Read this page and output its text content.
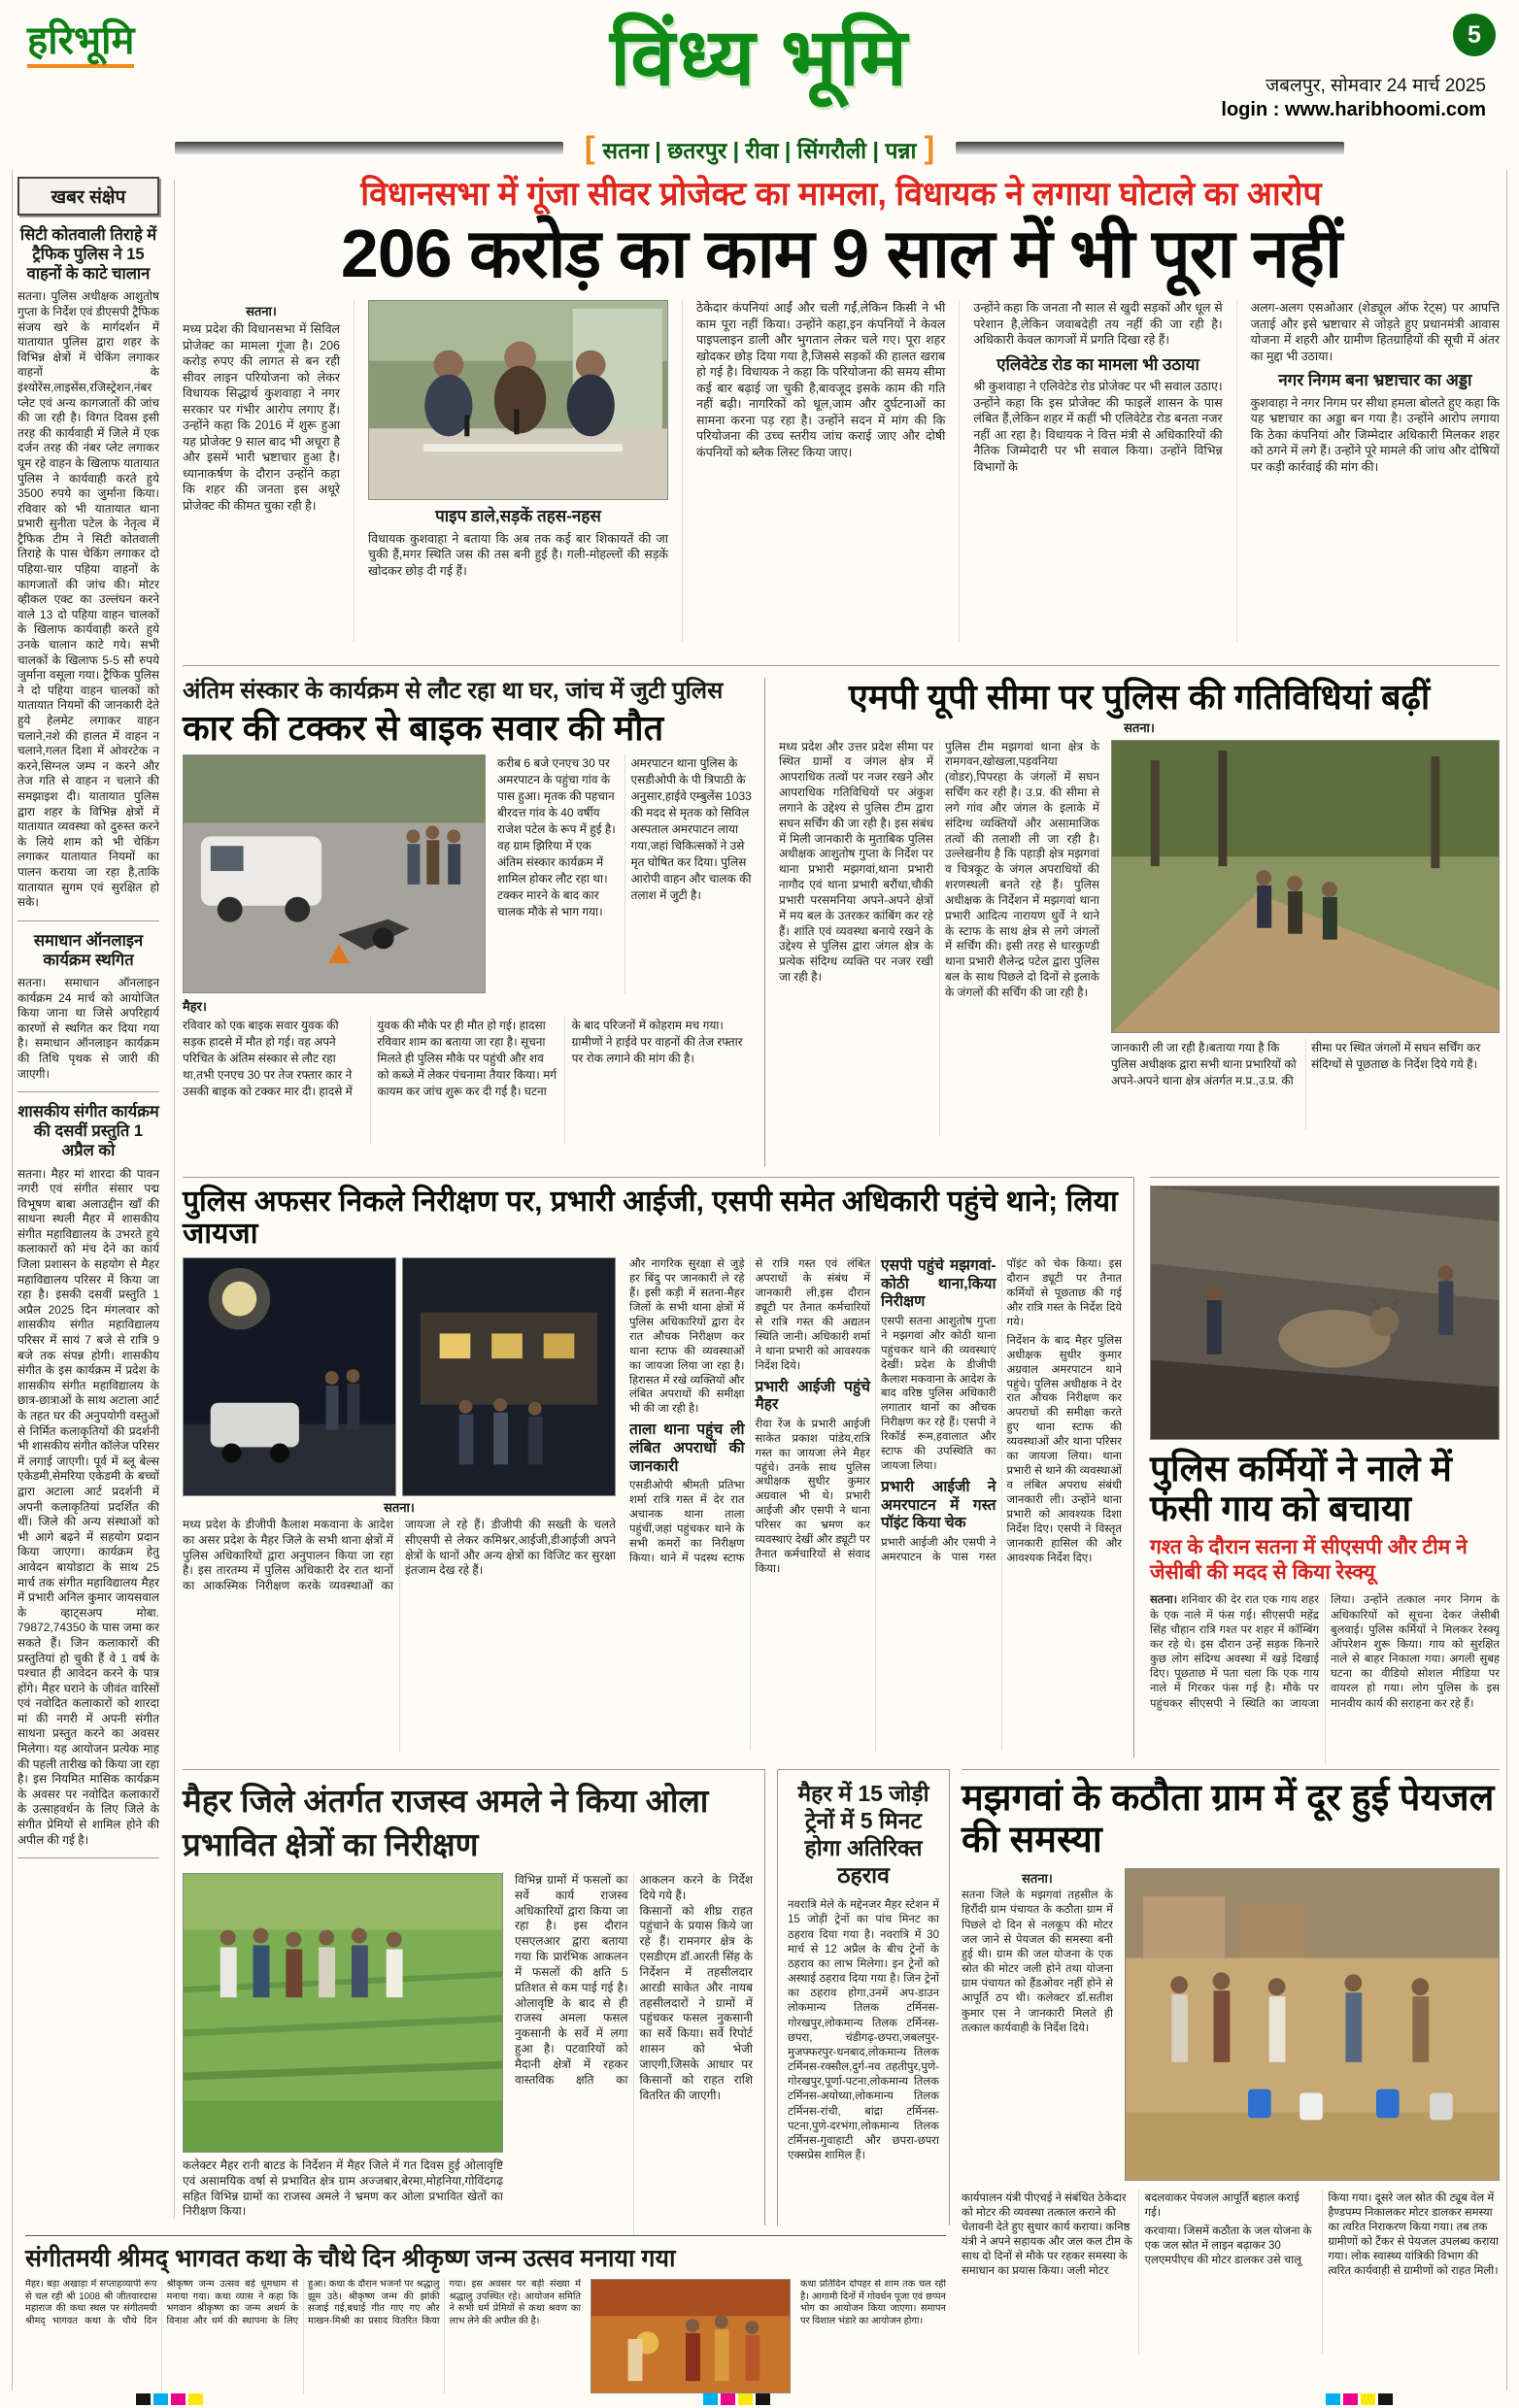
हरिभूमि	विंध्य भूमि	5
जबलपुर, सोमवार 24 मार्च 2025
login : www.haribhoomi.com
[ सतना | छतरपुर | रीवा | सिंगरौली | पन्ना ]
खबर संक्षेप
सिटी कोतवाली तिराहे में ट्रैफिक पुलिस ने 15 वाहनों के काटे चालान

सतना। पुलिस अधीक्षक आशुतोष गुप्ता के निर्देश एवं डीएसपी ट्रैफिक संजय खरे के मार्गदर्शन में यातायात पुलिस द्वारा शहर के विभिन्न क्षेत्रों में चेकिंग लगाकर वाहनों के इंश्योरेंस,लाइसेंस,रजिस्ट्रेशन,नंबर प्लेट एवं अन्य कागजातों की जांच की जा रही है। विगत दिवस इसी तरह की कार्यवाही में जिले में एक दर्जन तरह की नंबर प्लेट लगाकर घूम रहे वाहन के खिलाफ यातायात पुलिस ने कार्यवाही करते हुये 3500 रुपये का जुर्माना किया। रविवार को भी यातायात थाना प्रभारी सुनीता पटेल के नेतृत्व में ट्रैफिक टीम ने सिटी कोतवाली तिराहे के पास चेकिंग लगाकर दो पहिया-चार पहिया वाहनों के कागजातों की जांच की। मोटर व्हीकल एक्ट का उल्लंघन करने वाले 13 दो पहिया वाहन चालकों के खिलाफ कार्यवाही करते हुये उनके चालान काटे गये। सभी चालकों के खिलाफ 5-5 सौ रुपये जुर्माना वसूला गया। ट्रैफिक पुलिस ने दो पहिया वाहन चालकों को यातायात नियमों की जानकारी देते हुये हेलमेट लगाकर वाहन चलाने,नशे की हालत में वाहन न चलाने,गलत दिशा में ओवरटेक न करने,सिग्नल जम्प न करने और तेज गति से वाहन न चलाने की समझाइश दी। यातायात पुलिस द्वारा शहर के विभिन्न क्षेत्रों में यातायात व्यवस्था को दुरुस्त करने के लिये शाम को भी चेकिंग लगाकर यातायात नियमों का पालन कराया जा रहा है,ताकि यातायात सुगम एवं सुरक्षित हो सके।

समाधान ऑनलाइन कार्यक्रम स्थगित

सतना। समाधान ऑनलाइन कार्यक्रम 24 मार्च को आयोजित किया जाना था जिसे अपरिहार्य कारणों से स्थगित कर दिया गया है। समाधान ऑनलाइन कार्यक्रम की तिथि पृथक से जारी की जाएगी।

शासकीय संगीत कार्यक्रम की दसवीं प्रस्तुति 1 अप्रैल को

सतना। मैहर मां शारदा की पावन नगरी एवं संगीत संसार पद्म विभूषण बाबा अलाउद्दीन खाँ की साधना स्थली मैहर में शासकीय संगीत महाविद्यालय के उभरते हुये कलाकारों को मंच देने का कार्य जिला प्रशासन के सहयोग से मैहर महाविद्यालय परिसर में किया जा रहा है। इसकी दसवीं प्रस्तुति 1 अप्रैल 2025 दिन मंगलवार को शासकीय संगीत महाविद्यालय परिसर में सायं 7 बजे से रात्रि 9 बजे तक संपन्न होगी। शासकीय संगीत के इस कार्यक्रम में प्रदेश के शासकीय संगीत महाविद्यालय के छात्र-छात्राओं के साथ अटाला आर्ट के तहत घर की अनुपयोगी वस्तुओं से निर्मित कलाकृतियों की प्रदर्शनी भी शासकीय संगीत कॉलेज परिसर में लगाई जाएगी। पूर्व में ब्लू बेल्स एकेडमी,सेमरिया एकेडमी के बच्चों द्वारा अटाला आर्ट प्रदर्शनी में अपनी कलाकृतियां प्रदर्शित की थीं। जिले की अन्य संस्थाओं को भी आगे बढ़ने में सहयोग प्रदान किया जाएगा। कार्यक्रम हेतु आवेदन बायोडाटा के साथ 25 मार्च तक संगीत महाविद्यालय मैहर में प्रभारी अनिल कुमार जायसवाल के व्हाट्सअप मोबा. 79872,74350 के पास जमा कर सकते हैं। जिन कलाकारों की प्रस्तुतियां हो चुकी हैं वे 1 वर्ष के पश्चात ही आवेदन करने के पात्र होंगे। मैहर घराने के जीवंत वारिसों एवं नवोदित कलाकारों को शारदा मां की नगरी में अपनी संगीत साधना प्रस्तुत करने का अवसर मिलेगा। यह आयोजन प्रत्येक माह की पहली तारीख को किया जा रहा है। इस नियमित मासिक कार्यक्रम के अवसर पर नवोदित कलाकारों के उत्साहवर्धन के लिए जिले के संगीत प्रेमियों से शामिल होने की अपील की गई है।

विधानसभा में गूंजा सीवर प्रोजेक्ट का मामला, विधायक ने लगाया घोटाले का आरोप
206 करोड़ का काम 9 साल में भी पूरा नहीं
सतना।

मध्य प्रदेश की विधानसभा में सिविल प्रोजेक्ट का मामला गूंजा है। 206 करोड़ रुपए की लागत से बन रही सीवर लाइन परियोजना को लेकर विधायक सिद्धार्थ कुशवाहा ने नगर सरकार पर गंभीर आरोप लगाए हैं। उन्होंने कहा कि 2016 में शुरू हुआ यह प्रोजेक्ट 9 साल बाद भी अधूरा है और इसमें भारी भ्रष्टाचार हुआ है। ध्यानाकर्षण के दौरान उन्होंने कहा कि शहर की जनता इस अधूरे प्रोजेक्ट की कीमत चुका रही है।

पाइप डाले,सड़कें तहस-नहस

विधायक कुशवाहा ने बताया कि अब तक कई बार शिकायतें की जा चुकी हैं,मगर स्थिति जस की तस बनी हुई है। गली-मोहल्लों की सड़कें खोदकर छोड़ दी गई हैं।

ठेकेदार कंपनियां आईं और चली गईं,लेकिन किसी ने भी काम पूरा नहीं किया। उन्होंने कहा,इन कंपनियों ने केवल पाइपलाइन डाली और भुगतान लेकर चले गए। पूरा शहर खोदकर छोड़ दिया गया है,जिससे सड़कों की हालत खराब हो गई है। विधायक ने कहा कि परियोजना की समय सीमा कई बार बढ़ाई जा चुकी है,बावजूद इसके काम की गति नहीं बढ़ी। नागरिकों को धूल,जाम और दुर्घटनाओं का सामना करना पड़ रहा है। उन्होंने सदन में मांग की कि परियोजना की उच्च स्तरीय जांच कराई जाए और दोषी कंपनियों को ब्लैक लिस्ट किया जाए।

उन्होंने कहा कि जनता नौ साल से खुदी सड़कों और धूल से परेशान है,लेकिन जवाबदेही तय नहीं की जा रही है। अधिकारी केवल कागजों में प्रगति दिखा रहे हैं।

एलिवेटेड रोड का मामला भी उठाया

श्री कुशवाहा ने एलिवेटेड रोड प्रोजेक्ट पर भी सवाल उठाए। उन्होंने कहा कि इस प्रोजेक्ट की फाइलें शासन के पास लंबित हैं,लेकिन शहर में कहीं भी एलिवेटेड रोड बनता नजर नहीं आ रहा है। विधायक ने वित्त मंत्री से अधिकारियों की नैतिक जिम्मेदारी पर भी सवाल किया। उन्होंने विभिन्न विभागों के

अलग-अलग एसओआर (शेड्यूल ऑफ रेट्स) पर आपत्ति जताई और इसे भ्रष्टाचार से जोड़ते हुए प्रधानमंत्री आवास योजना में शहरी और ग्रामीण हितग्राहियों की सूची में अंतर का मुद्दा भी उठाया।

नगर निगम बना भ्रष्टाचार का अड्डा

कुशवाहा ने नगर निगम पर सीधा हमला बोलते हुए कहा कि यह भ्रष्टाचार का अड्डा बन गया है। उन्होंने आरोप लगाया कि ठेका कंपनियां और जिम्मेदार अधिकारी मिलकर शहर को ठगने में लगे हैं। उन्होंने पूरे मामले की जांच और दोषियों पर कड़ी कार्रवाई की मांग की।

अंतिम संस्कार के कार्यक्रम से लौट रहा था घर, जांच में जुटी पुलिस
कार की टक्कर से बाइक सवार की मौत
करीब 6 बजे एनएच 30 पर अमरपाटन के पहुंचा गांव के पास हुआ। मृतक की पहचान बीरदत्त गांव के 40 वर्षीय राजेश पटेल के रूप में हुई है। वह ग्राम झिरिया में एक अंतिम संस्कार कार्यक्रम में शामिल होकर लौट रहा था। टक्कर मारने के बाद कार चालक मौके से भाग गया। अमरपाटन थाना पुलिस के एसडीओपी के पी त्रिपाठी के अनुसार,हाईवे एम्बुलेंस 1033 की मदद से मृतक को सिविल अस्पताल अमरपाटन लाया गया,जहां चिकित्सकों ने उसे मृत घोषित कर दिया। पुलिस आरोपी वाहन और चालक की तलाश में जुटी है।
मैहर।
रविवार को एक बाइक सवार युवक की सड़क हादसे में मौत हो गई। वह अपने परिचित के अंतिम संस्कार से लौट रहा था,तभी एनएच 30 पर तेज रफ्तार कार ने उसकी बाइक को टक्कर मार दी। हादसे में युवक की मौके पर ही मौत हो गई। हादसा रविवार शाम का बताया जा रहा है। सूचना मिलते ही पुलिस मौके पर पहुंची और शव को कब्जे में लेकर पंचनामा तैयार किया। मर्ग कायम कर जांच शुरू कर दी गई है। घटना के बाद परिजनों में कोहराम मच गया। ग्रामीणों ने हाईवे पर वाहनों की तेज रफ्तार पर रोक लगाने की मांग की है।
एमपी यूपी सीमा पर पुलिस की गतिविधियां बढ़ीं
सतना।

मध्य प्रदेश और उत्तर प्रदेश सीमा पर स्थित ग्रामों व जंगल क्षेत्र में आपराधिक तत्वों पर नजर रखने और आपराधिक गतिविधियों पर अंकुश लगाने के उद्देश्य से पुलिस टीम द्वारा सघन सर्चिंग की जा रही है। इस संबंध में मिली जानकारी के मुताबिक पुलिस अधीक्षक आशुतोष गुप्ता के निर्देश पर थाना प्रभारी मझगवां,थाना प्रभारी नागौद एवं थाना प्रभारी बरौंधा,चौकी प्रभारी परसमनिया अपने-अपने क्षेत्रों में मय बल के उतरकर कांबिंग कर रहे हैं। शांति एवं व्यवस्था बनाये रखने के उद्देश्य से पुलिस द्वारा जंगल क्षेत्र के प्रत्येक संदिग्ध व्यक्ति पर नजर रखी जा रही है।

पुलिस टीम मझगवां थाना क्षेत्र के रामगवन,खोखला,पड़वनिया (वोडर),पिपरहा के जंगलों में सघन सर्चिंग कर रही है। उ.प्र. की सीमा से लगे गांव और जंगल के इलाके में संदिग्ध व्यक्तियों और असामाजिक तत्वों की तलाशी ली जा रही है। उल्लेखनीय है कि पहाड़ी क्षेत्र मझगवां व चित्रकूट के जंगल अपराधियों की शरणस्थली बनते रहे हैं। पुलिस अधीक्षक के निर्देशन में मझगवां थाना प्रभारी आदित्य नारायण धुर्वे ने थाने के स्टाफ के साथ क्षेत्र से लगे जंगलों में सर्चिंग की। इसी तरह से धारकुण्डी थाना प्रभारी शैलेन्द्र पटेल द्वारा पुलिस बल के साथ पिछले दो दिनों से इलाके के जंगलों की सर्चिंग की जा रही है।

जानकारी ली जा रही है।बताया गया है कि पुलिस अधीक्षक द्वारा सभी थाना प्रभारियों को अपने-अपने थाना क्षेत्र अंतर्गत म.प्र.,उ.प्र. की सीमा पर स्थित जंगलों में सघन सर्चिंग कर संदिग्धों से पूछताछ के निर्देश दिये गये हैं।

पुलिस अफसर निकले निरीक्षण पर, प्रभारी आईजी, एसपी समेत अधिकारी पहुंचे थाने; लिया जायजा
सतना।

मध्य प्रदेश के डीजीपी कैलाश मकवाना के आदेश का असर प्रदेश के मैहर जिले के सभी थाना क्षेत्रों में पुलिस अधिकारियों द्वारा अनुपालन किया जा रहा है। इस तारतम्य में पुलिस अधिकारी देर रात थानों का आकस्मिक निरीक्षण करके व्यवस्थाओं का जायजा ले रहे हैं। डीजीपी की सख्ती के चलते सीएसपी से लेकर कमिश्नर,आईजी,डीआईजी अपने क्षेत्रों के थानों और अन्य क्षेत्रों का विजिट कर सुरक्षा इंतजाम देख रहे हैं।

और नागरिक सुरक्षा से जुड़े हर बिंदु पर जानकारी ले रहे हैं। इसी कड़ी में सतना-मैहर जिलों के सभी थाना क्षेत्रों में पुलिस अधिकारियों द्वारा देर रात औचक निरीक्षण कर थाना स्टाफ की व्यवस्थाओं का जायजा लिया जा रहा है। हिरासत में रखे व्यक्तियों और लंबित अपराधों की समीक्षा भी की जा रही है।

ताला थाना पहुंच ली लंबित अपराधों की जानकारी

एसडीओपी श्रीमती प्रतिभा शर्मा रात्रि गस्त में देर रात अचानक थाना ताला पहुंचीं,जहां पहुंचकर थाने के सभी कमरों का निरीक्षण किया। थाने में पदस्थ स्टाफ से रात्रि गस्त एवं लंबित अपराधों के संबंध में जानकारी ली,इस दौरान ड्यूटी पर तैनात कर्मचारियों से रात्रि गस्त की अद्यतन स्थिति जानी। अधिकारी शर्मा ने थाना प्रभारी को आवश्यक निर्देश दिये।

प्रभारी आईजी पहुंचे मैहर

रीवा रेंज के प्रभारी आईजी साकेत प्रकाश पांडेय,रात्रि गस्त का जायजा लेने मैहर पहुंचे। उनके साथ पुलिस अधीक्षक सुधीर कुमार अग्रवाल भी थे। प्रभारी आईजी और एसपी ने थाना परिसर का भ्रमण कर व्यवस्थाएं देखीं और ड्यूटी पर तैनात कर्मचारियों से संवाद किया।

एसपी पहुंचे मझगवां-कोठी थाना,किया निरीक्षण

एसपी सतना आशुतोष गुप्ता ने मझगवां और कोठी थाना पहुंचकर थाने की व्यवस्थाएं देखीं। प्रदेश के डीजीपी कैलाश मकवाना के आदेश के बाद वरिष्ठ पुलिस अधिकारी लगातार थानों का औचक निरीक्षण कर रहे हैं। एसपी ने रिकॉर्ड रूम,हवालात और स्टाफ की उपस्थिति का जायजा लिया।

प्रभारी आईजी ने अमरपाटन में गस्त पॉइंट किया चेक

प्रभारी आईजी और एसपी ने अमरपाटन के पास गस्त पॉइंट को चेक किया। इस दौरान ड्यूटी पर तैनात कर्मियों से पूछताछ की गई और रात्रि गस्त के निर्देश दिये गये।

निर्देशन के बाद मैहर पुलिस अधीक्षक सुधीर कुमार अग्रवाल अमरपाटन थाने पहुंचे। पुलिस अधीक्षक ने देर रात औचक निरीक्षण कर अपराधों की समीक्षा करते हुए थाना स्टाफ की व्यवस्थाओं और थाना परिसर का जायजा लिया। थाना प्रभारी से थाने की व्यवस्थाओं व लंबित अपराध संबंधी जानकारी ली। उन्होंने थाना प्रभारी को आवश्यक दिशा निर्देश दिए। एसपी ने विस्तृत जानकारी हासिल की और आवश्यक निर्देश दिए।

पुलिस कर्मियों ने नाले में फंसी गाय को बचाया
गश्त के दौरान सतना में सीएसपी और टीम ने जेसीबी की मदद से किया रेस्क्यू
सतना। शनिवार की देर रात एक गाय शहर के एक नाले में फंस गई। सीएसपी महेंद्र सिंह चौहान रात्रि गश्त पर शहर में कॉम्बिंग कर रहे थे। इस दौरान उन्हें सड़क किनारे कुछ लोग संदिग्ध अवस्था में खड़े दिखाई दिए। पूछताछ में पता चला कि एक गाय नाले में गिरकर फंस गई है। मौके पर पहुंचकर सीएसपी ने स्थिति का जायजा लिया। उन्होंने तत्काल नगर निगम के अधिकारियों को सूचना देकर जेसीबी बुलवाई। पुलिस कर्मियों ने मिलकर रेस्क्यू ऑपरेशन शुरू किया। गाय को सुरक्षित नाले से बाहर निकाला गया। अगली सुबह घटना का वीडियो सोशल मीडिया पर वायरल हो गया। लोग पुलिस के इस मानवीय कार्य की सराहना कर रहे हैं।
मैहर जिले अंतर्गत राजस्व अमले ने किया ओला प्रभावित क्षेत्रों का निरीक्षण

कलेक्टर मैहर रानी बाटड के निर्देशन में मैहर जिले में गत दिवस हुई ओलावृष्टि एवं असामयिक वर्षा से प्रभावित क्षेत्र ग्राम अज्जबार,बेरमा,मोहनिया,गोविंदगढ़ सहित विभिन्न ग्रामों का राजस्व अमले ने भ्रमण कर ओला प्रभावित खेतों का निरीक्षण किया।

विभिन्न ग्रामों में फसलों का सर्वे कार्य राजस्व अधिकारियों द्वारा किया जा रहा है। इस दौरान एसएलआर द्वारा बताया गया कि प्रारंभिक आकलन में फसलों की क्षति 5 प्रतिशत से कम पाई गई है। ओलावृष्टि के बाद से ही राजस्व अमला फसल नुकसानी के सर्वे में लगा हुआ है। पटवारियों को मैदानी क्षेत्रों में रहकर वास्तविक क्षति का आकलन करने के निर्देश दिये गये हैं।

किसानों को शीघ्र राहत पहुंचाने के प्रयास किये जा रहे हैं। रामनगर क्षेत्र के एसडीएम डॉ.आरती सिंह के निर्देशन में तहसीलदार आरडी साकेत और नायब तहसीलदारों ने ग्रामों में पहुंचकर फसल नुकसानी का सर्वे किया। सर्वे रिपोर्ट शासन को भेजी जाएगी,जिसके आधार पर किसानों को राहत राशि वितरित की जाएगी।

मैहर में 15 जोड़ी ट्रेनों में 5 मिनट होगा अतिरिक्त ठहराव

नवरात्रि मेले के मद्देनजर मैहर स्टेशन में 15 जोड़ी ट्रेनों का पांच मिनट का ठहराव दिया गया है। नवरात्रि में 30 मार्च से 12 अप्रैल के बीच ट्रेनों के ठहराव का लाभ मिलेगा। इन ट्रेनों को अस्थाई ठहराव दिया गया है। जिन ट्रेनों का ठहराव होगा,उनमें अप-डाउन लोकमान्य तिलक टर्मिनस-गोरखपुर,लोकमान्य तिलक टर्मिनस-छपरा, चंडीगढ़-छपरा,जबलपुर-मुजफ्फरपुर-धनबाद,लोकमान्य तिलक टर्मिनस-रक्सौल,दुर्ग-नव तहतीपुर,पुणे-गोरखपुर,पूर्णा-पटना,लोकमान्य तिलक टर्मिनस-अयोध्या,लोकमान्य तिलक टर्मिनस-रांची, बांद्रा टर्मिनस-पटना,पुणे-दरभंगा,लोकमान्य तिलक टर्मिनस-गुवाहाटी और छपरा-छपरा एक्सप्रेस शामिल हैं।

मझगवां के कठौता ग्राम में दूर हुई पेयजल की समस्या
सतना।

सतना जिले के मझगवां तहसील के हिरौंदी ग्राम पंचायत के कठौता ग्राम में पिछले दो दिन से नलकूप की मोटर जल जाने से पेयजल की समस्या बनी हुई थी। ग्राम की जल योजना के एक स्रोत की मोटर जली होने तथा योजना ग्राम पंचायत को हैंडओवर नहीं होने से आपूर्ति ठप थी। कलेक्टर डॉ.सतीश कुमार एस ने जानकारी मिलते ही तत्काल कार्यवाही के निर्देश दिये।

कार्यपालन यंत्री पीएचई ने संबंधित ठेकेदार को मोटर की व्यवस्था तत्काल कराने की चेतावनी देते हुए सुधार कार्य कराया। कनिष्ठ यंत्री ने अपने सहायक और जल कल टीम के साथ दो दिनों से मौके पर रहकर समस्या के समाधान का प्रयास किया। जली मोटर बदलवाकर पेयजल आपूर्ति बहाल कराई गई।

करवाया। जिसमें कठौता के जल योजना के एक जल स्रोत में लाइन बढ़ाकर 30 एलएमपीएच की मोटर डालकर उसे चालू किया गया। दूसरे जल स्रोत की ट्यूब वेल में हैण्डपम्प निकालकर मोटर डालकर समस्या का त्वरित निराकरण किया गया। तब तक ग्रामीणों को टैंकर से पेयजल उपलब्ध कराया गया। लोक स्वास्थ्य यांत्रिकी विभाग की त्वरित कार्यवाही से ग्रामीणों को राहत मिली।

संगीतमयी श्रीमद् भागवत कथा के चौथे दिन श्रीकृष्ण जन्म उत्सव मनाया गया

मैहर। बड़ा अखाड़ा में सप्ताहव्यापी रूप से चल रही श्री 1008 श्री जीतवारदास महाराज की कथा स्थल पर संगीतमयी श्रीमद् भागवत कथा के चौथे दिन श्रीकृष्ण जन्म उत्सव बड़े धूमधाम से मनाया गया। कथा व्यास ने कहा कि भगवान श्रीकृष्ण का जन्म अधर्म के विनाश और धर्म की स्थापना के लिए हुआ। कथा के दौरान भजनों पर श्रद्धालु झूम उठे। श्रीकृष्ण जन्म की झांकी सजाई गई,बधाई गीत गाए गए और माखन-मिश्री का प्रसाद वितरित किया गया। इस अवसर पर बड़ी संख्या में श्रद्धालु उपस्थित रहे। आयोजन समिति ने सभी धर्म प्रेमियों से कथा श्रवण का लाभ लेने की अपील की है।

कथा प्रतिदिन दोपहर से शाम तक चल रही है। आगामी दिनों में गोवर्धन पूजा एवं छप्पन भोग का आयोजन किया जाएगा। समापन पर विशाल भंडारे का आयोजन होगा।
